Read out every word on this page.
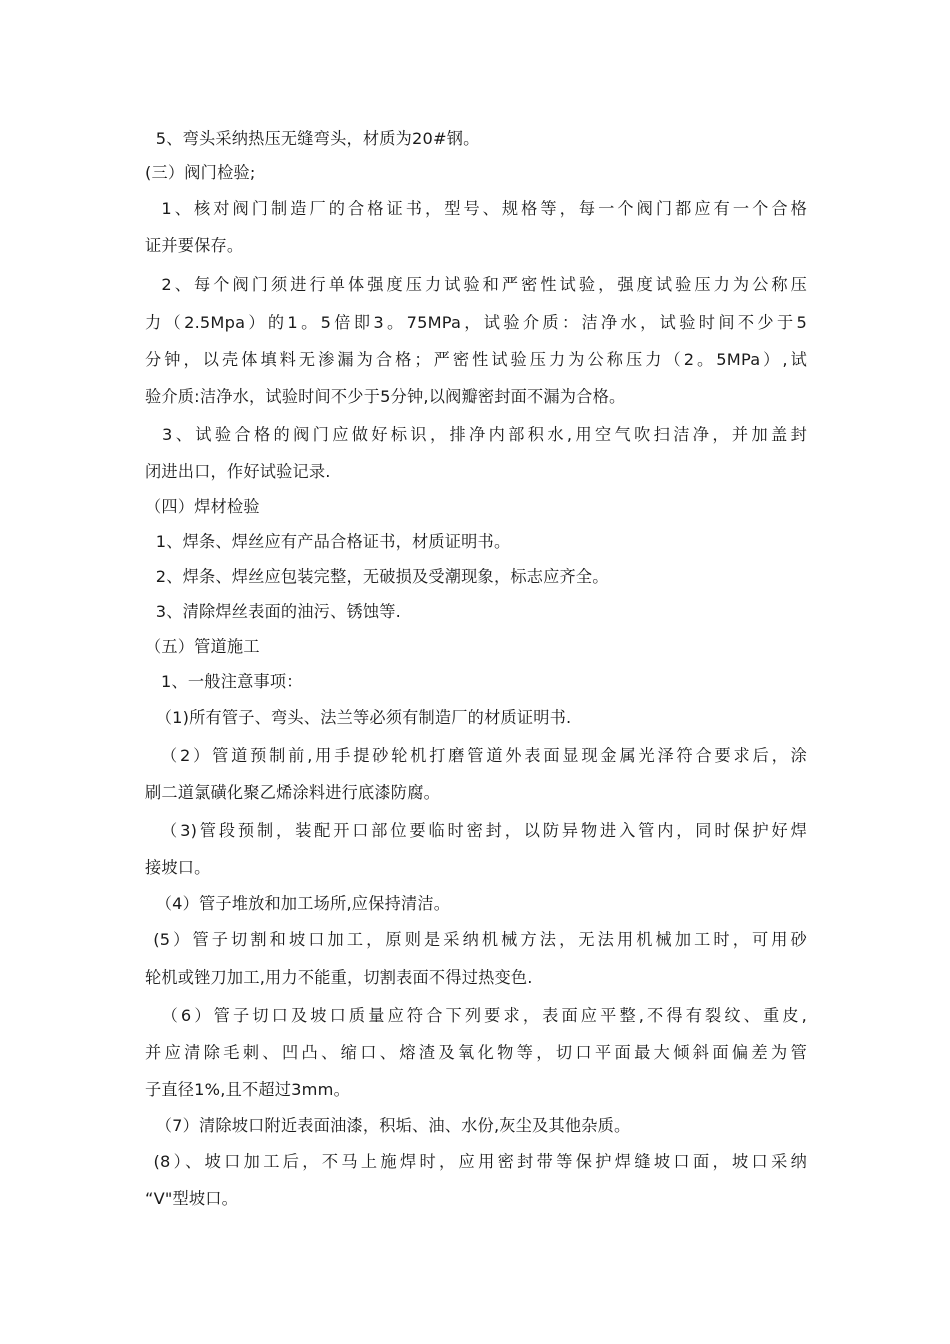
5、弯头采纳热压无缝弯头，材质为20#钢。
(三）阀门检验;
1、核对阀门制造厂的合格证书，型号、规格等，每一个阀门都应有一个合格
证并要保存。
2、每个阀门须进行单体强度压力试验和严密性试验，强度试验压力为公称压
力（2.5Mpa）的1。5倍即3。75MPa，试验介质：洁净水，试验时间不少于5
分钟，以壳体填料无渗漏为合格；严密性试验压力为公称压力（2。5MPa）,试
验介质:洁净水，试验时间不少于5分钟,以阀瓣密封面不漏为合格。
3、试验合格的阀门应做好标识，排净内部积水,用空气吹扫洁净，并加盖封
闭进出口，作好试验记录.
（四）焊材检验
1、焊条、焊丝应有产品合格证书，材质证明书。
2、焊条、焊丝应包装完整，无破损及受潮现象，标志应齐全。
3、清除焊丝表面的油污、锈蚀等.
（五）管道施工
1、一般注意事项：
（1)所有管子、弯头、法兰等必须有制造厂的材质证明书.
（2）管道预制前,用手提砂轮机打磨管道外表面显现金属光泽符合要求后，涂
刷二道氯磺化聚乙烯涂料进行底漆防腐。
（3)管段预制，装配开口部位要临时密封，以防异物进入管内，同时保护好焊
接坡口。
（4）管子堆放和加工场所,应保持清洁。
(5）管子切割和坡口加工，原则是采纳机械方法，无法用机械加工时，可用砂
轮机或锉刀加工,用力不能重，切割表面不得过热变色.
（6）管子切口及坡口质量应符合下列要求，表面应平整,不得有裂纹、重皮,
并应清除毛刺、凹凸、缩口、熔渣及氧化物等，切口平面最大倾斜面偏差为管
子直径1%,且不超过3mm。
（7）清除坡口附近表面油漆，积垢、油、水份,灰尘及其他杂质。
(8）、坡口加工后，不马上施焊时，应用密封带等保护焊缝坡口面，坡口采纳
“V"型坡口。
